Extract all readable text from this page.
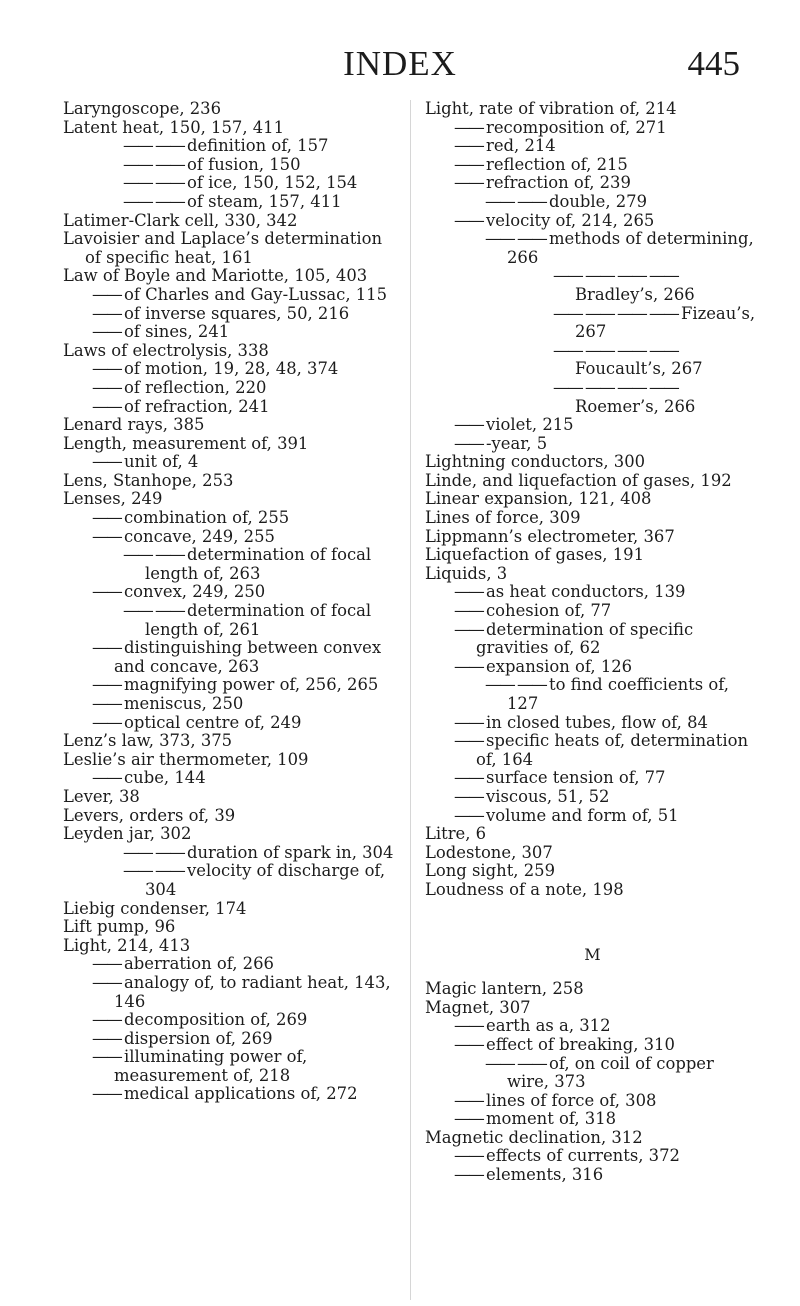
INDEX	445
Laryngoscope, 236
Latent heat, 150, 157, 411
—— —— definition of, 157
—— —— of fusion, 150
—— —— of ice, 150, 152, 154
—— —— of steam, 157, 411
Latimer-Clark cell, 330, 342
Lavoisier and Laplace’s determination of specific heat, 161
Law of Boyle and Mariotte, 105, 403
—— of Charles and Gay-Lussac, 115
—— of inverse squares, 50, 216
—— of sines, 241
Laws of electrolysis, 338
—— of motion, 19, 28, 48, 374
—— of reflection, 220
—— of refraction, 241
Lenard rays, 385
Length, measurement of, 391
—— unit of, 4
Lens, Stanhope, 253
Lenses, 249
—— combination of, 255
—— concave, 249, 255
—— —— determination of focal length of, 263
—— convex, 249, 250
—— —— determination of focal length of, 261
—— distinguishing between convex and concave, 263
—— magnifying power of, 256, 265
—— meniscus, 250
—— optical centre of, 249
Lenz’s law, 373, 375
Leslie’s air thermometer, 109
—— cube, 144
Lever, 38
Levers, orders of, 39
Leyden jar, 302
—— —— duration of spark in, 304
—— —— velocity of discharge of, 304
Liebig condenser, 174
Lift pump, 96
Light, 214, 413
—— aberration of, 266
—— analogy of, to radiant heat, 143, 146
—— decomposition of, 269
—— dispersion of, 269
—— illuminating power of, measurement of, 218
—— medical applications of, 272
Light, rate of vibration of, 214
—— recomposition of, 271
—— red, 214
—— reflection of, 215
—— refraction of, 239
—— —— double, 279
—— velocity of, 214, 265
—— —— methods of determining, 266
—— —— —— —— Bradley’s, 266
—— —— —— —— Fizeau’s, 267
—— —— —— —— Foucault’s, 267
—— —— —— —— Roemer’s, 266
—— violet, 215
—— -year, 5
Lightning conductors, 300
Linde, and liquefaction of gases, 192
Linear expansion, 121, 408
Lines of force, 309
Lippmann’s electrometer, 367
Liquefaction of gases, 191
Liquids, 3
—— as heat conductors, 139
—— cohesion of, 77
—— determination of specific gravities of, 62
—— expansion of, 126
—— —— to find coefficients of, 127
—— in closed tubes, flow of, 84
—— specific heats of, determination of, 164
—— surface tension of, 77
—— viscous, 51, 52
—— volume and form of, 51
Litre, 6
Lodestone, 307
Long sight, 259
Loudness of a note, 198
M
Magic lantern, 258
Magnet, 307
—— earth as a, 312
—— effect of breaking, 310
—— —— of, on coil of copper wire, 373
—— lines of force of, 308
—— moment of, 318
Magnetic declination, 312
—— effects of currents, 372
—— elements, 316
